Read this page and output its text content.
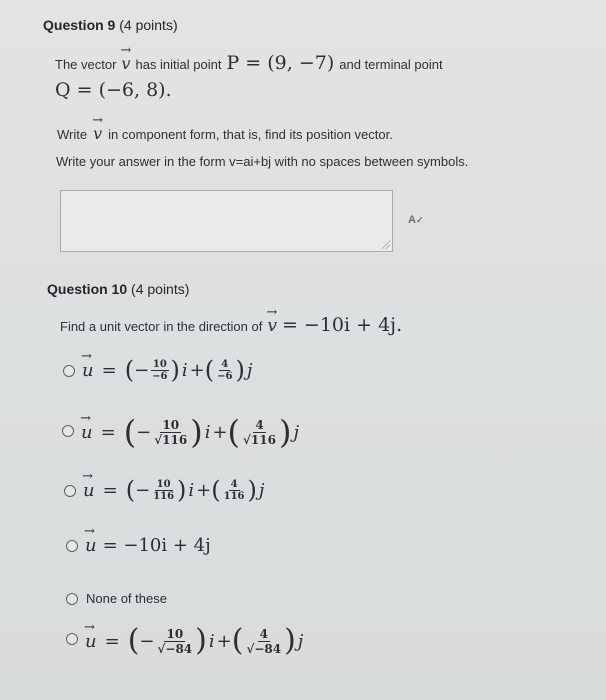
Question 9 (4 points)
The vector → v has initial point P = (9, −7) and terminal point
Q = (−6, 8).
Write → v in component form, that is, find its position vector.
Write your answer in the form v=ai+bj with no spaces between symbols.
A✓
Question 10 (4 points)
Find a unit vector in the direction of → v = −10i + 4j.
→ u = ( − $\frac{10}{-6}$ ) i + ( $\frac{4}{-6}$ ) j
→ u = ( − $\frac{10}{√116}$ ) i + ( $\frac{4}{√116}$ ) j
→ u = ( − $\frac{10}{116}$ ) i + ( $\frac{4}{116}$ ) j
→ u = −10i + 4j
None of these
→ u = ( − $\frac{10}{√-84}$ ) i + ( $\frac{4}{√-84}$ ) j
